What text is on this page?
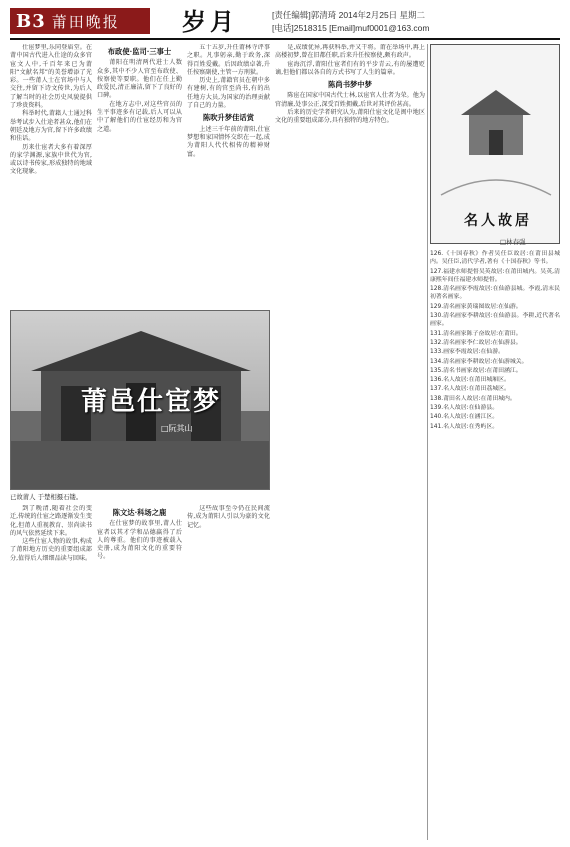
B3 莆田晚报	岁月	[责任编辑]郭清琦 2014年2月25日 星期二
[电话]2518315 [Email]muf0001@163.com

仕宦梦里,乐同登庙堂。在莆中国古代进入仕途的众多官宦文人中,千百年来已为莆阳“文献名邦”的美誉增添了光彩。一些莆人士在官场中与人交往,并留下诗文传世,为后人了解当时的社会历史风貌提供了珍贵资料。

科举时代,莆籍人士通过科举考试步入仕途者甚众,他们在朝廷及地方为官,留下许多政绩和佳话。

历来仕宦者大多有着深厚的家学渊源,家族中世代为官,或以诗书传家,形成独特的地域文化现象。

布政使·监司·三事士

莆阳在明清两代进士人数众多,其中不少人官至布政使、按察使等要职。他们在任上勤政爱民,清正廉洁,留下了良好的口碑。

在地方志中,对这些官员的生平事迹多有记载,后人可以从中了解他们的仕宦经历和为官之道。

五十五岁,升任莆林寺评事之职。凡事躬亲,勤于政务,深得百姓爱戴。后因政绩卓著,升任按察副使,主管一方刑狱。

历史上,莆籍官员在朝中多有建树,有的官至尚书,有的出任地方大员,为国家的治理贡献了自己的力量。

陈吹升梦佳话赏

上述三千年前的莆阳,仕宦梦想和家国情怀交织在一起,成为莆阳人代代相传的精神财富。

是,成绩优异,再获科举,并又干将。莆在举场中,再上高楼初梦,曾在旧都任职,后来升任按察使,颇有政声。

宦海沉浮,莆阳仕宦者们有的平步青云,有的屡遭贬谪,但他们都以各自的方式书写了人生的篇章。

陈尚书梦中梦

陈宦在国家中国古代士林,以宦官人仕者为荣。他为官清廉,处事公正,深受百姓拥戴,后世对其评价甚高。

后来的历史学者研究认为,莆阳仕宦文化是闽中地区文化的重要组成部分,具有独特的地方特色。

莆邑仕宦梦
□阮其山
已故莆人 于楚相摄石镂。

到了晚清,随着社会的变迁,传统的仕宦之路逐渐发生变化,但莆人重视教育、崇尚读书的风气依然延续下来。

这些仕宦人物的故事,构成了莆阳地方历史的重要组成部分,值得后人细细品读与回味。

陈文达·科场之鹿

在仕宦梦的故事里,莆人仕宦者以其才学和品德赢得了后人的尊重。他们的事迹被载入史册,成为莆阳文化的重要符号。

这些故事至今仍在民间流传,成为莆阳人引以为豪的文化记忆。

名人故居
□林春强

126.《十国春秋》作者吴任臣故居:在莆田县城内。吴任臣,清代学者,著有《十国春秋》等书。

127.福建水师提督吴英故居:在莆田城内。吴英,清康熙年间任福建水师提督。

128.清名画家李霞故居:在仙游县城。李霞,清末民初著名画家。

129.清名画家黄瑞图故居:在仙游。

130.清名画家李耕故居:在仙游县。李耕,近代著名画家。

131.清名画家陈子奋故居:在莆田。

132.清名画家李仁故居:在仙游县。

133.画家李霞故居:在仙游。

134.清名画家李耕故居:在仙游城关。

135.清名书画家故居:在莆田涵江。

136.名人故居:在莆田城厢区。

137.名人故居:在莆田荔城区。

138.莆田名人故居:在莆田城内。

139.名人故居:在仙游县。

140.名人故居:在涵江区。

141.名人故居:在秀屿区。
